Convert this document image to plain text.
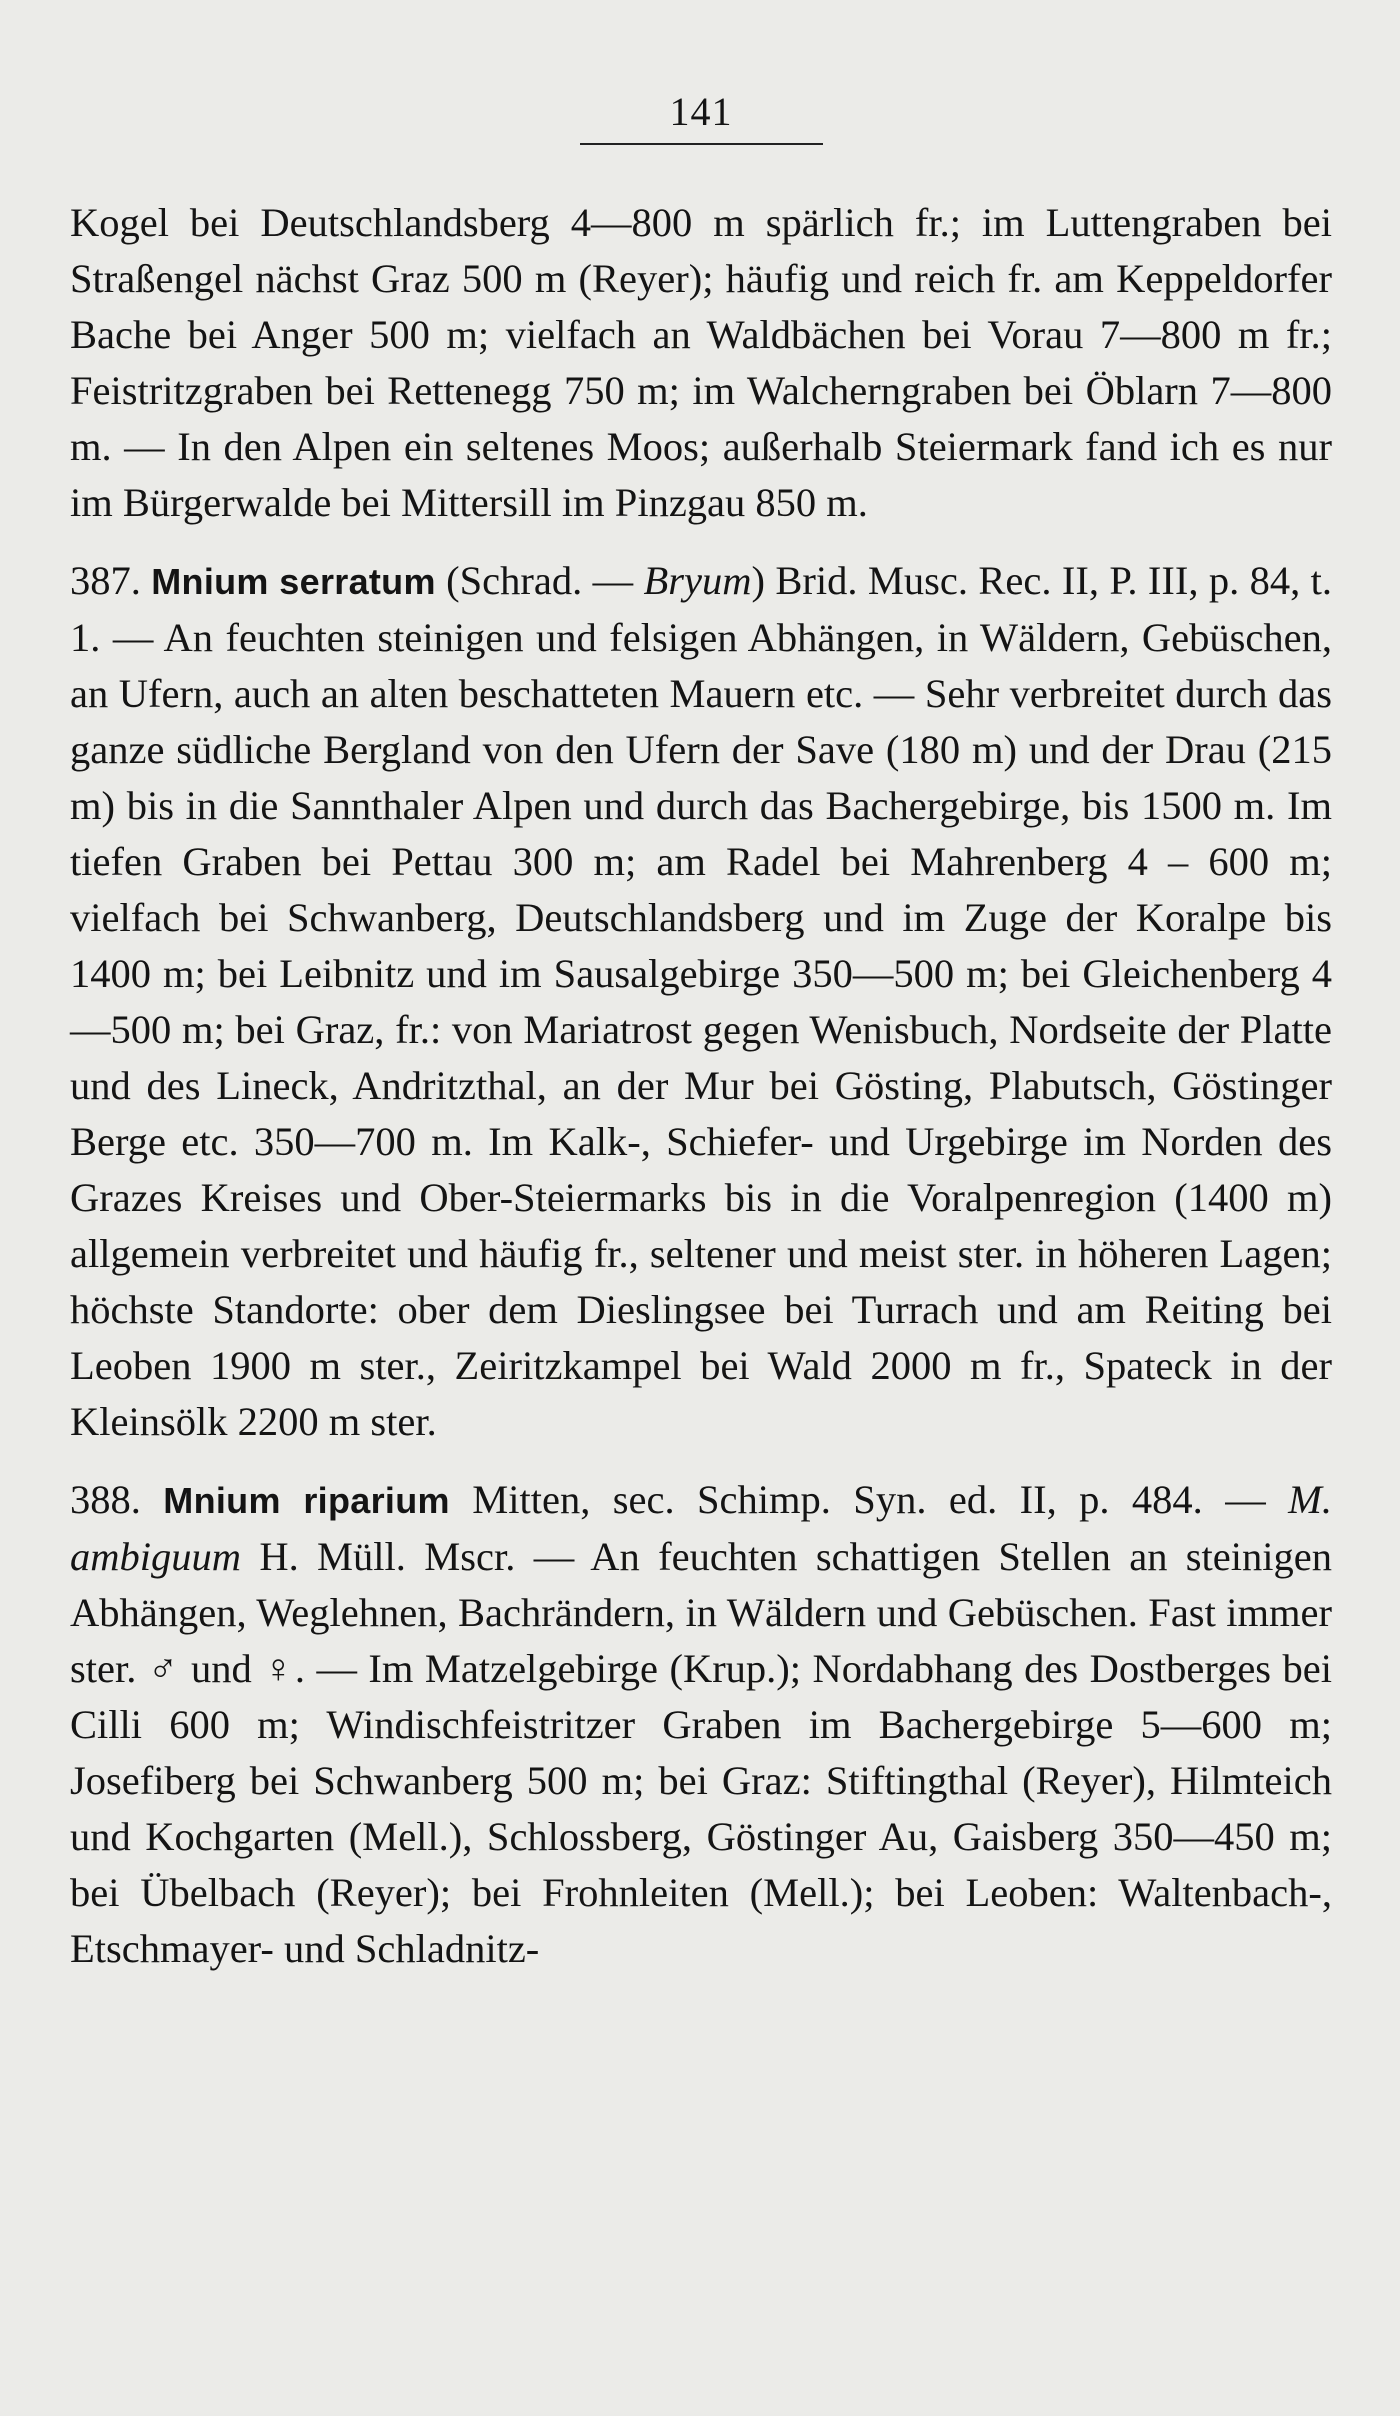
141

Kogel bei Deutschlandsberg 4—800 m spärlich fr.; im Luttengraben bei Straßengel nächst Graz 500 m (Reyer); häufig und reich fr. am Keppeldorfer Bache bei Anger 500 m; vielfach an Waldbächen bei Vorau 7—800 m fr.; Feistritzgraben bei Rettenegg 750 m; im Walcherngraben bei Öblarn 7—800 m. — In den Alpen ein seltenes Moos; außerhalb Steiermark fand ich es nur im Bürgerwalde bei Mittersill im Pinzgau 850 m.

387. Mnium serratum (Schrad. — Bryum) Brid. Musc. Rec. II, P. III, p. 84, t. 1. — An feuchten steinigen und felsigen Abhängen, in Wäldern, Gebüschen, an Ufern, auch an alten beschatteten Mauern etc. — Sehr verbreitet durch das ganze südliche Bergland von den Ufern der Save (180 m) und der Drau (215 m) bis in die Sannthaler Alpen und durch das Bachergebirge, bis 1500 m. Im tiefen Graben bei Pettau 300 m; am Radel bei Mahrenberg 4 – 600 m; vielfach bei Schwanberg, Deutschlandsberg und im Zuge der Koralpe bis 1400 m; bei Leibnitz und im Sausalgebirge 350—500 m; bei Gleichenberg 4—500 m; bei Graz, fr.: von Mariatrost gegen Wenisbuch, Nordseite der Platte und des Lineck, Andritzthal, an der Mur bei Gösting, Plabutsch, Göstinger Berge etc. 350—700 m. Im Kalk-, Schiefer- und Urgebirge im Norden des Grazes Kreises und Ober-Steiermarks bis in die Voralpenregion (1400 m) allgemein verbreitet und häufig fr., seltener und meist ster. in höheren Lagen; höchste Standorte: ober dem Dieslingsee bei Turrach und am Reiting bei Leoben 1900 m ster., Zeiritzkampel bei Wald 2000 m fr., Spateck in der Kleinsölk 2200 m ster.

388. Mnium riparium Mitten, sec. Schimp. Syn. ed. II, p. 484. — M. ambiguum H. Müll. Mscr. — An feuchten schattigen Stellen an steinigen Abhängen, Weglehnen, Bachrändern, in Wäldern und Gebüschen. Fast immer ster. ♂ und ♀. — Im Matzelgebirge (Krup.); Nordabhang des Dostberges bei Cilli 600 m; Windischfeistritzer Graben im Bachergebirge 5—600 m; Josefiberg bei Schwanberg 500 m; bei Graz: Stiftingthal (Reyer), Hilmteich und Kochgarten (Mell.), Schlossberg, Göstinger Au, Gaisberg 350—450 m; bei Übelbach (Reyer); bei Frohnleiten (Mell.); bei Leoben: Waltenbach-, Etschmayer- und Schladnitz-
